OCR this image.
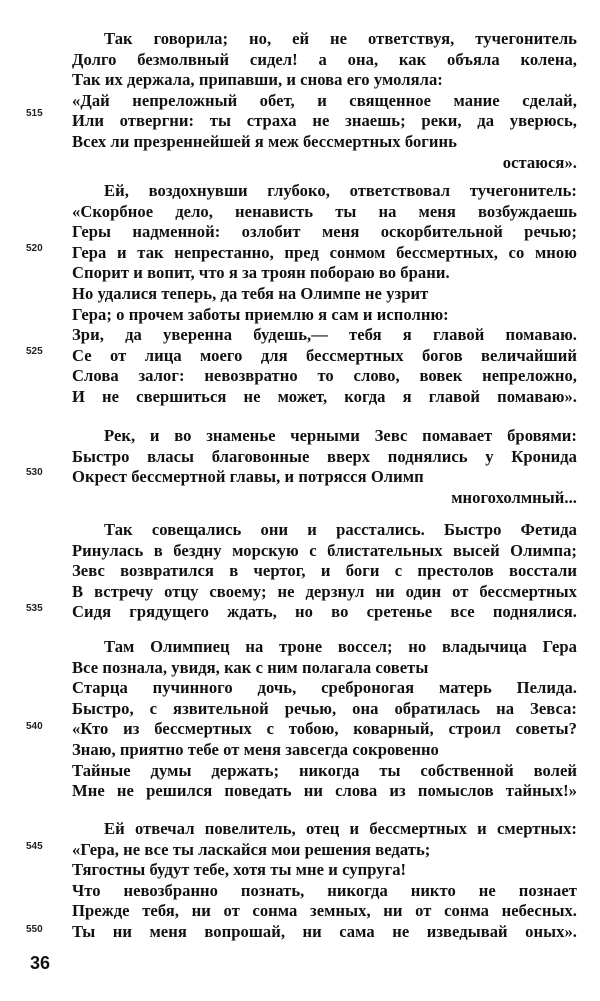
Так говорила; но, ей не ответствуя, тучегонитель
Долго безмолвный сидел! а она, как объяла колена,
Так их держала, припавши, и снова его умоляла:
«Дай непреложный обет, и священное мание сделай,
Или отвергни: ты страха не знаешь; реки, да уверюсь,
Всех ли презреннейшей я меж бессмертных богинь
остаюся».
Ей, воздохнувши глубоко, ответствовал тучегонитель:
«Скорбное дело, ненависть ты на меня возбуждаешь
Геры надменной: озлобит меня оскорбительной речью;
Гера и так непрестанно, пред сонмом бессмертных, со мною
Спорит и вопит, что я за троян побораю во брани.
Но удалися теперь, да тебя на Олимпе не узрит
Гера; о прочем заботы приемлю я сам и исполню:
Зри, да уверенна будешь,— тебя я главой помаваю.
Се от лица моего для бессмертных богов величайший
Слова залог: невозвратно то слово, вовек непреложно,
И не свершиться не может, когда я главой помаваю».
Рек, и во знаменье черными Зевс помавает бровями:
Быстро власы благовонные вверх поднялись у Кронида
Окрест бессмертной главы, и потрясся Олимп
многохолмный...
Так совещались они и расстались. Быстро Фетида
Ринулась в бездну морскую с блистательных высей Олимпа;
Зевс возвратился в чертог, и боги с престолов восстали
В встречу отцу своему; не дерзнул ни один от бессмертных
Сидя грядущего ждать, но во сретенье все поднялися.
Там Олимпиец на троне воссел; но владычица Гера
Все познала, увидя, как с ним полагала советы
Старца пучинного дочь, среброногая матерь Пелида.
Быстро, с язвительной речью, она обратилась на Зевса:
«Кто из бессмертных с тобою, коварный, строил советы?
Знаю, приятно тебе от меня завсегда сокровенно
Тайные думы держать; никогда ты собственной волей
Мне не решился поведать ни слова из помыслов тайных!»
Ей отвечал повелитель, отец и бессмертных и смертных:
«Гера, не все ты ласкайся мои решения ведать;
Тягостны будут тебе, хотя ты мне и супруга!
Что невозбранно познать, никогда никто не познает
Прежде тебя, ни от сонма земных, ни от сонма небесных.
Ты ни меня вопрошай, ни сама не изведывай оных».
515
520
525
530
535
540
545
550
36
